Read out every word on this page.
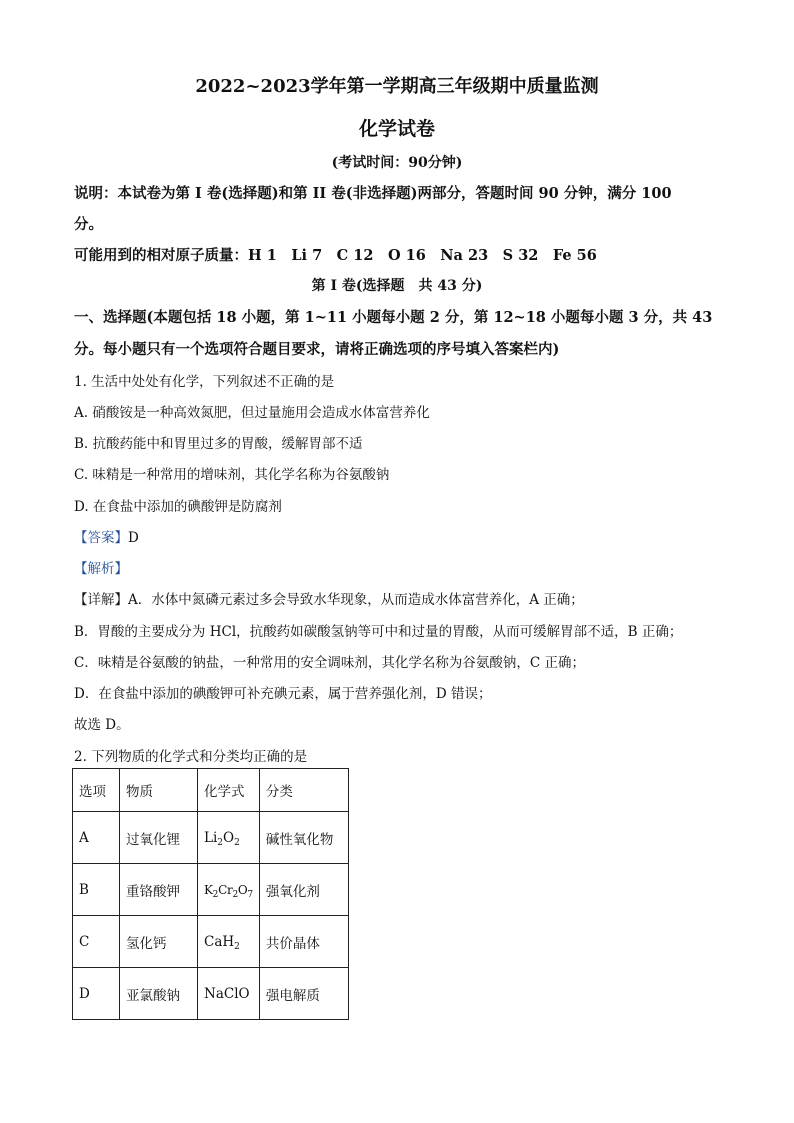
2022~2023学年第一学期高三年级期中质量监测
化学试卷
(考试时间：90分钟)
说明：本试卷为第 I 卷(选择题)和第 II 卷(非选择题)两部分，答题时间 90 分钟，满分 100
分。
可能用到的相对原子质量：H 1　Li 7　C 12　O 16　Na 23　S 32　Fe 56
第 I 卷(选择题　共 43 分)
一、选择题(本题包括 18 小题，第 1~11 小题每小题 2 分，第 12~18 小题每小题 3 分，共 43
分。每小题只有一个选项符合题目要求，请将正确选项的序号填入答案栏内)
1. 生活中处处有化学，下列叙述不正确的是
A. 硝酸铵是一种高效氮肥，但过量施用会造成水体富营养化
B. 抗酸药能中和胃里过多的胃酸，缓解胃部不适
C. 味精是一种常用的增味剂，其化学名称为谷氨酸钠
D. 在食盐中添加的碘酸钾是防腐剂
【答案】D
【解析】
【详解】A．水体中氮磷元素过多会导致水华现象，从而造成水体富营养化，A 正确；
B．胃酸的主要成分为 HCl，抗酸药如碳酸氢钠等可中和过量的胃酸，从而可缓解胃部不适，B 正确；
C．味精是谷氨酸的钠盐，一种常用的安全调味剂，其化学名称为谷氨酸钠，C 正确；
D．在食盐中添加的碘酸钾可补充碘元素，属于营养强化剂，D 错误；
故选 D。
2. 下列物质的化学式和分类均正确的是
选项	物质	化学式	分类
A	过氧化锂	$Li_2O_2$	碱性氧化物
B	重铬酸钾	$K_2Cr_2O_7$	强氧化剂
C	氢化钙	CaH$_2$	共价晶体
D	亚氯酸钠	NaClO	强电解质
